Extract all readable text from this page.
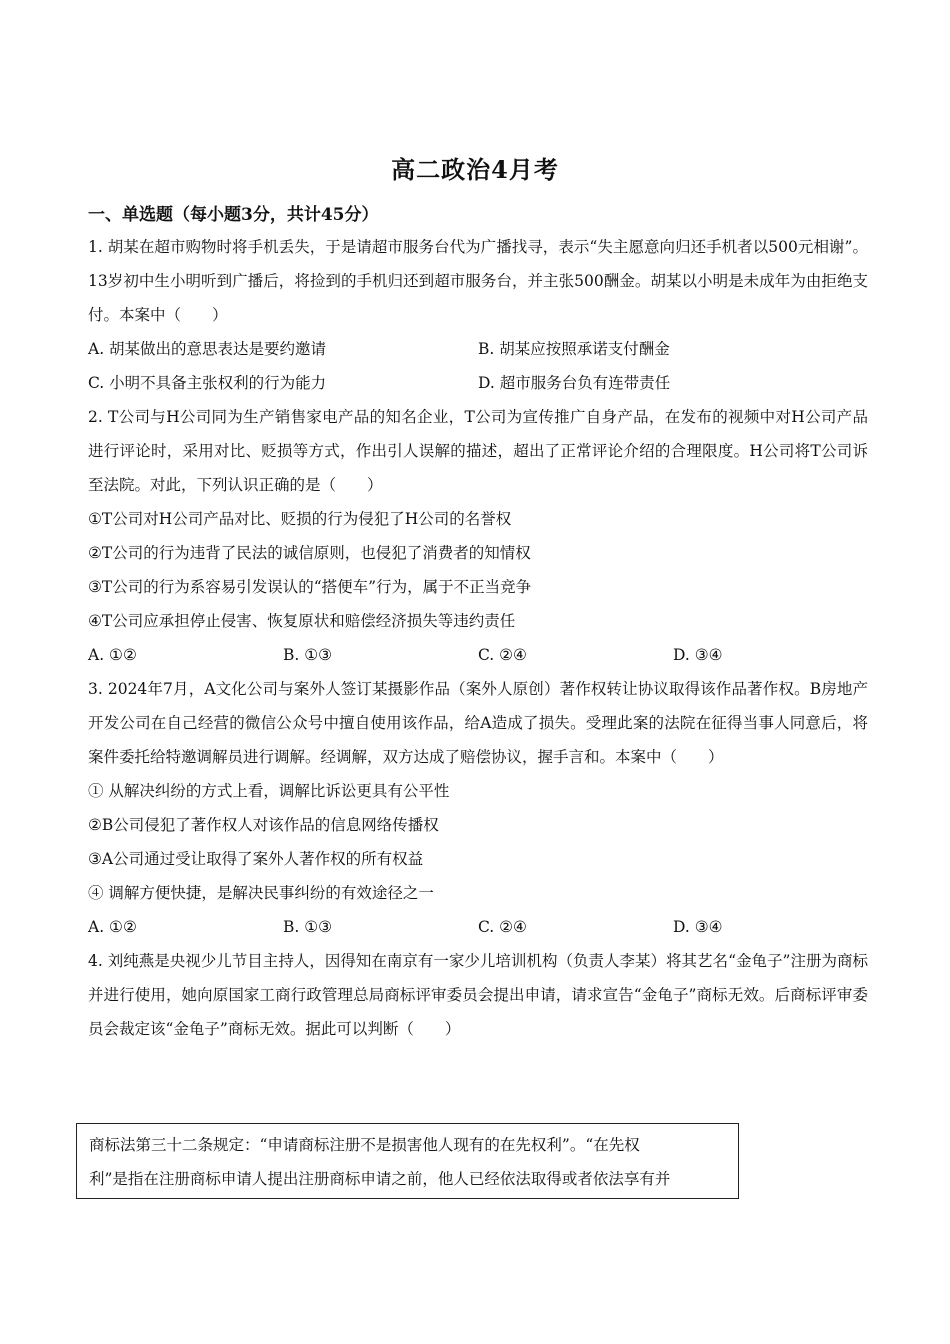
高二政治4月考
一、单选题（每小题3分，共计45分）

1. 胡某在超市购物时将手机丢失，于是请超市服务台代为广播找寻，表示“失主愿意向归还手机者以500元相谢”。13岁初中生小明听到广播后，将捡到的手机归还到超市服务台，并主张500酬金。胡某以小明是未成年为由拒绝支付。本案中（　　）

A. 胡某做出的意思表达是要约邀请	B. 胡某应按照承诺支付酬金
C. 小明不具备主张权利的行为能力	D. 超市服务台负有连带责任

2. T公司与H公司同为生产销售家电产品的知名企业，T公司为宣传推广自身产品，在发布的视频中对H公司产品进行评论时，采用对比、贬损等方式，作出引人误解的描述，超出了正常评论介绍的合理限度。H公司将T公司诉至法院。对此，下列认识正确的是（　　）

①T公司对H公司产品对比、贬损的行为侵犯了H公司的名誉权

②T公司的行为违背了民法的诚信原则，也侵犯了消费者的知情权

③T公司的行为系容易引发误认的“搭便车”行为，属于不正当竞争

④T公司应承担停止侵害、恢复原状和赔偿经济损失等违约责任

A. ①②	B. ①③	C. ②④	D. ③④

3. 2024年7月，A文化公司与案外人签订某摄影作品（案外人原创）著作权转让协议取得该作品著作权。B房地产开发公司在自己经营的微信公众号中擅自使用该作品，给A造成了损失。受理此案的法院在征得当事人同意后，将案件委托给特邀调解员进行调解。经调解，双方达成了赔偿协议，握手言和。本案中（　　）

① 从解决纠纷的方式上看，调解比诉讼更具有公平性

②B公司侵犯了著作权人对该作品的信息网络传播权

③A公司通过受让取得了案外人著作权的所有权益

④ 调解方便快捷，是解决民事纠纷的有效途径之一

A. ①②	B. ①③	C. ②④	D. ③④

4. 刘纯燕是央视少儿节目主持人，因得知在南京有一家少儿培训机构（负责人李某）将其艺名“金龟子”注册为商标并进行使用，她向原国家工商行政管理总局商标评审委员会提出申请，请求宣告“金龟子”商标无效。后商标评审委员会裁定该“金龟子”商标无效。据此可以判断（　　）

商标法第三十二条规定：“申请商标注册不是损害他人现有的在先权利”。“在先权

利”是指在注册商标申请人提出注册商标申请之前，他人已经依法取得或者依法享有并
